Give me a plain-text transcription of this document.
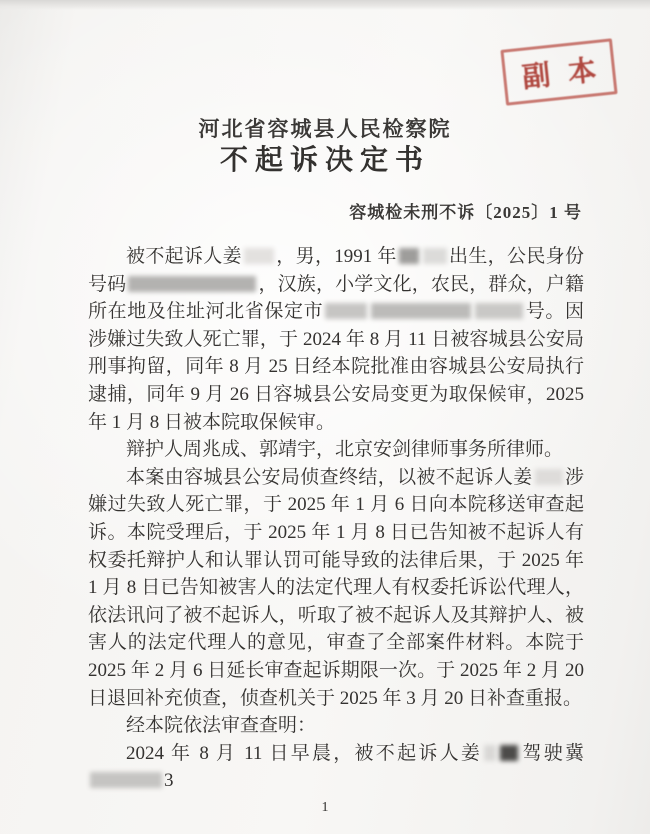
副本
河北省容城县人民检察院
不起诉决定书
容城检未刑不诉〔2025〕1 号

被不起诉人姜 ，男，1991 年	出生，公民身份号码	，汉族，小学文化，农民，群众，户籍所在地及住址河北省保定市	号。因涉嫌过失致人死亡罪，于 2024 年 8 月 11 日被容城县公安局刑事拘留，同年 8 月 25 日经本院批准由容城县公安局执行逮捕，同年 9 月 26 日容城县公安局变更为取保候审，2025 年 1 月 8 日被本院取保候审。

辩护人周兆成、郭靖宇，北京安剑律师事务所律师。

本案由容城县公安局侦查终结，以被不起诉人姜 涉嫌过失致人死亡罪，于 2025 年 1 月 6 日向本院移送审查起诉。本院受理后，于 2025 年 1 月 8 日已告知被不起诉人有权委托辩护人和认罪认罚可能导致的法律后果，于 2025 年 1 月 8 日已告知被害人的法定代理人有权委托诉讼代理人，依法讯问了被不起诉人，听取了被不起诉人及其辩护人、被害人的法定代理人的意见，审查了全部案件材料。本院于 2025 年 2 月 6 日延长审查起诉期限一次。于 2025 年 2 月 20 日退回补充侦查，侦查机关于 2025 年 3 月 20 日补查重报。

经本院依法审查查明：

2024 年 8 月 11 日早晨，被不起诉人姜 驾驶冀3

1
